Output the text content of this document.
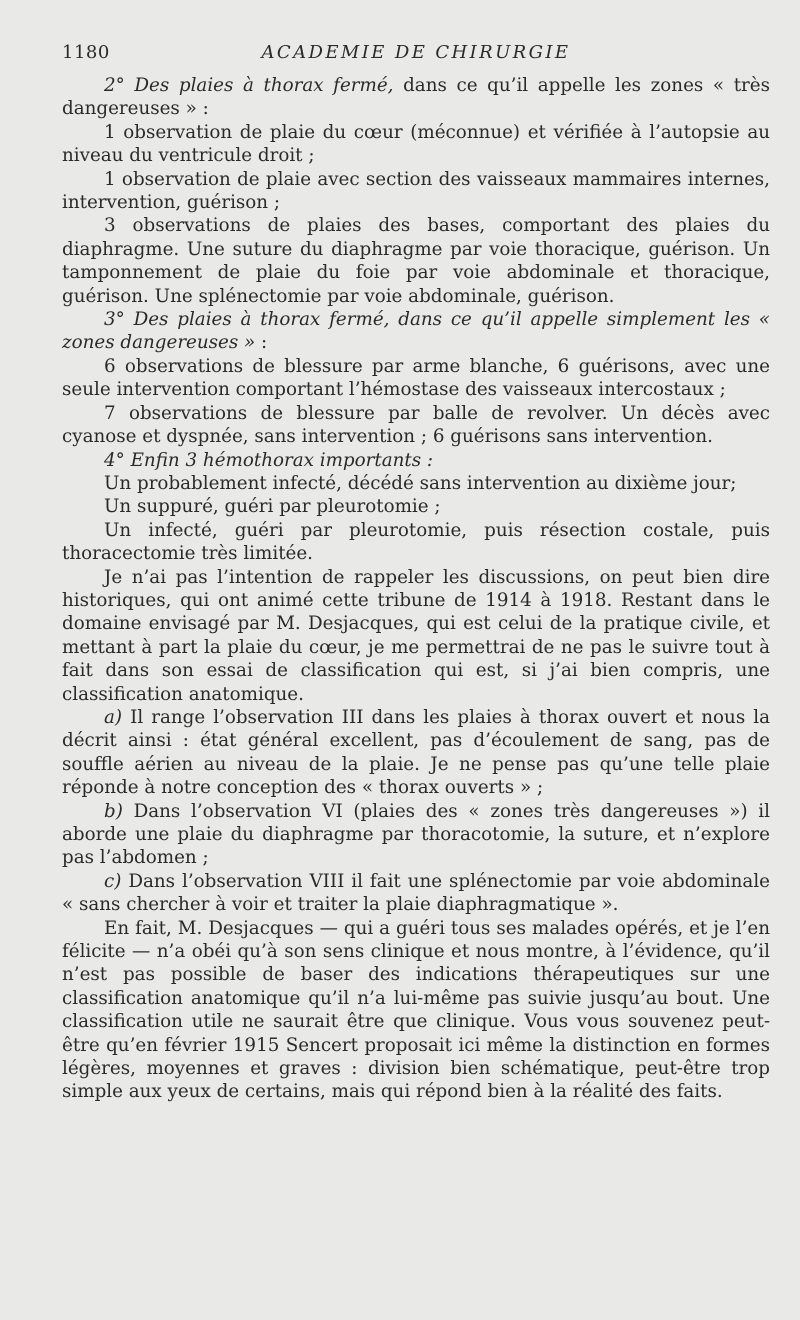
1180	ACADEMIE DE CHIRURGIE

2° Des plaies à thorax fermé, dans ce qu’il appelle les zones « très dangereuses » :

1 observation de plaie du cœur (méconnue) et vérifiée à l’autopsie au niveau du ventricule droit ;

1 observation de plaie avec section des vaisseaux mammaires internes, intervention, guérison ;

3 observations de plaies des bases, comportant des plaies du diaphragme. Une suture du diaphragme par voie thoracique, guérison. Un tamponnement de plaie du foie par voie abdominale et thoracique, guérison. Une splénectomie par voie abdominale, guérison.

3° Des plaies à thorax fermé, dans ce qu’il appelle simplement les « zones dangereuses » :

6 observations de blessure par arme blanche, 6 guérisons, avec une seule intervention comportant l’hémostase des vaisseaux intercostaux ;

7 observations de blessure par balle de revolver. Un décès avec cyanose et dyspnée, sans intervention ; 6 guérisons sans intervention.

4° Enfin 3 hémothorax importants :

Un probablement infecté, décédé sans intervention au dixième jour;

Un suppuré, guéri par pleurotomie ;

Un infecté, guéri par pleurotomie, puis résection costale, puis thoracectomie très limitée.

Je n’ai pas l’intention de rappeler les discussions, on peut bien dire historiques, qui ont animé cette tribune de 1914 à 1918. Restant dans le domaine envisagé par M. Desjacques, qui est celui de la pratique civile, et mettant à part la plaie du cœur, je me permettrai de ne pas le suivre tout à fait dans son essai de classification qui est, si j’ai bien compris, une classification anatomique.

a) Il range l’observation III dans les plaies à thorax ouvert et nous la décrit ainsi : état général excellent, pas d’écoulement de sang, pas de souffle aérien au niveau de la plaie. Je ne pense pas qu’une telle plaie réponde à notre conception des « thorax ouverts » ;

b) Dans l’observation VI (plaies des « zones très dangereuses ») il aborde une plaie du diaphragme par thoracotomie, la suture, et n’explore pas l’abdomen ;

c) Dans l’observation VIII il fait une splénectomie par voie abdominale « sans chercher à voir et traiter la plaie diaphragmatique ».

En fait, M. Desjacques — qui a guéri tous ses malades opérés, et je l’en félicite — n’a obéi qu’à son sens clinique et nous montre, à l’évidence, qu’il n’est pas possible de baser des indications thérapeutiques sur une classification anatomique qu’il n’a lui-même pas suivie jusqu’au bout. Une classification utile ne saurait être que clinique. Vous vous souvenez peut-être qu’en février 1915 Sencert proposait ici même la distinction en formes légères, moyennes et graves : division bien schématique, peut-être trop simple aux yeux de certains, mais qui répond bien à la réalité des faits.
